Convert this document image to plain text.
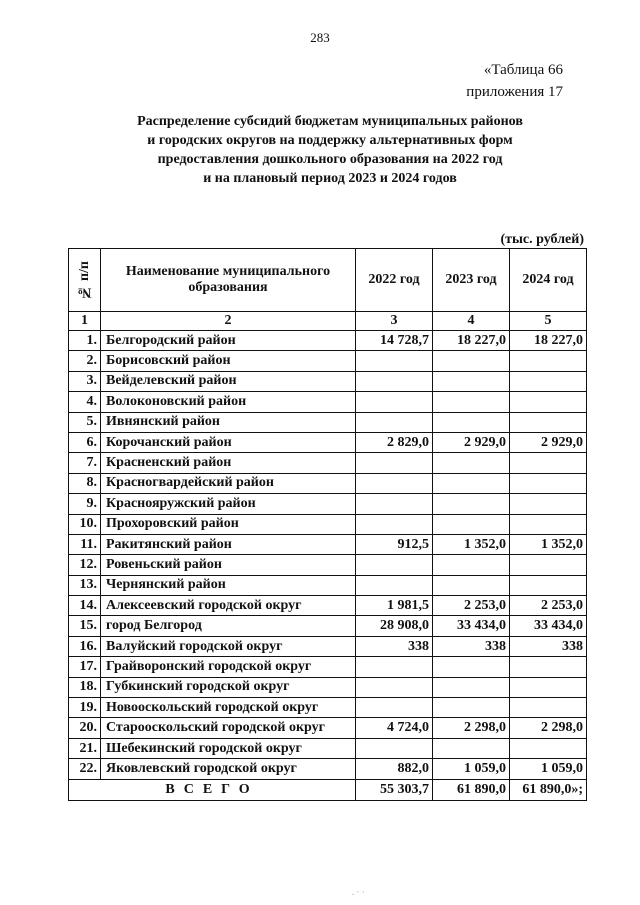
283
«Таблица 66
приложения 17
Распределение субсидий бюджетам муниципальных районов
и городских округов на поддержку альтернативных форм
предоставления дошкольного образования на 2022 год
и на плановый период 2023 и 2024 годов
(тыс. рублей)
№ п/п	Наименование муниципального образования	2022 год	2023 год	2024 год
1	2	3	4	5
1.	Белгородский район	14 728,7	18 227,0	18 227,0
2.	Борисовский район			
3.	Вейделевский район			
4.	Волоконовский район			
5.	Ивнянский район			
6.	Корочанский район	2 829,0	2 929,0	2 929,0
7.	Красненский район			
8.	Красногвардейский район			
9.	Краснояружский район			
10.	Прохоровский район			
11.	Ракитянский район	912,5	1 352,0	1 352,0
12.	Ровеньский район			
13.	Чернянский район			
14.	Алексеевский городской округ	1 981,5	2 253,0	2 253,0
15.	город Белгород	28 908,0	33 434,0	33 434,0
16.	Валуйский городской округ	338	338	338
17.	Грайворонский городской округ			
18.	Губкинский городской округ			
19.	Новооскольский городской округ			
20.	Старооскольский городской округ	4 724,0	2 298,0	2 298,0
21.	Шебекинский городской округ			
22.	Яковлевский городской округ	882,0	1 059,0	1 059,0
ВСЕГО		55 303,7	61 890,0	61 890,0»;
. · ·
